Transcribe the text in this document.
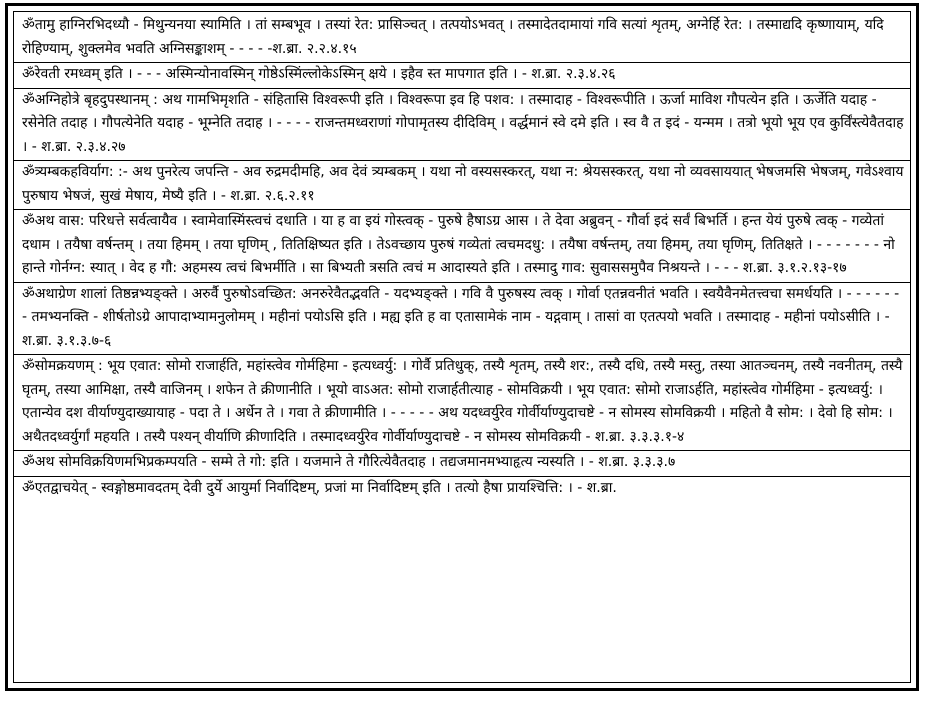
ॐतामु हाग्निरभिदध्यौ - मिथुन्यनया स्यामिति । तां सम्बभूव । तस्यां रेत: प्रासिञ्चत् । तत्पयोऽभवत् । तस्मादेतदामायां गवि सत्यां शृतम्, अग्नेर्हि रेत: । तस्माद्यदि कृष्णायाम्, यदि रोहिण्याम्, शुक्लमेव भवति अग्निसङ्काशम् - - - - -श.ब्रा. २.२.४.१५

ॐरेवती रमध्वम् इति । - - - अस्मिन्योनावस्मिन् गोष्ठेऽस्मिंल्लोकेऽस्मिन् क्षये । इहैव स्त मापगात इति । - श.ब्रा. २.३.४.२६

ॐअग्निहोत्रे बृहदुपस्थानम् : अथ गामभिमृशति - संहितासि विश्वरूपी इति । विश्वरूपा इव हि पशव: । तस्मादाह - विश्वरूपीति । ऊर्जा माविश गौपत्येन इति । ऊर्जेति यदाह - रसेनेति तदाह । गौपत्येनेति यदाह - भूम्नेति तदाह । - - - - राजन्तमध्वराणां गोपामृतस्य दीदिविम् । वर्द्धमानं स्वे दमे इति । स्व वै त इदं - यन्मम । तत्रो भूयो भूय एव कुर्विंस्त्येवैतदाह । - श.ब्रा. २.३.४.२७

ॐत्र्यम्बकहविर्याग: :- अथ पुनरेत्य जपन्ति - अव रुद्रमदीमहि, अव देवं त्र्यम्बकम् । यथा नो वस्यसस्करत्, यथा न: श्रेयसस्करत्, यथा नो व्यवसाययात् भेषजमसि भेषजम्, गवेऽश्वाय पुरुषाय भेषजं, सुखं मेषाय, मेष्यै इति । - श.ब्रा. २.६.२.११

ॐअथ वास: परिधत्ते सर्वत्वायैव । स्वामेवास्मिंस्त्वचं दधाति । या ह वा इयं गोस्त्वक् - पुरुषे हैषाऽग्र आस । ते देवा अब्रुवन् - गौर्वा इदं सर्वं बिभर्ति । हन्त येयं पुरुषे त्वक् - गव्येतां दधाम । तयैषा वर्षन्तम् । तया हिमम् । तया घृणिम् , तितिक्षिष्यत इति । तेऽवच्छाय पुरुषं गव्येतां त्वचमदधु: । तयैषा वर्षन्तम्, तया हिमम्, तया घृणिम्, तितिक्षते । - - - - - - - नो हान्ते गोर्नग्न: स्यात् । वेद ह गौ: अहमस्य त्वचं बिभर्मीति । सा बिभ्यती त्रसति त्वचं म आदास्यते इति । तस्मादु गाव: सुवाससमुपैव निश्रयन्ते । - - - श.ब्रा. ३.१.२.१३-१७

ॐअथाग्रेण शालां तिष्ठन्नभ्यङ्क्ते । अरुर्वै पुरुषोऽवच्छित: अनरुरेवैतद्भवति - यदभ्यङ्क्ते । गवि वै पुरुषस्य त्वक् । गोर्वा एतन्नवनीतं भवति । स्वयैवैनमेतत्त्वचा समर्धयति । - - - - - - - तमभ्यनक्ति - शीर्षतोऽग्रे आपादाभ्यामनुलोमम् । महीनां पयोऽसि इति । मह्य इति ह वा एतासामेकं नाम - यद्गवाम् । तासां वा एतत्पयो भवति । तस्मादाह - महीनां पयोऽसीति । - श.ब्रा. ३.१.३.७-६

ॐसोमक्रयणम् : भूय एवात: सोमो राजार्हति, महांस्त्वेव गोर्महिमा - इत्यध्वर्यु: । गोर्वै प्रतिधुक्, तस्यै शृतम्, तस्यै शर:, तस्यै दधि, तस्यै मस्तु, तस्या आतञ्चनम्, तस्यै नवनीतम्, तस्यै घृतम्, तस्या आमिक्षा, तस्यै वाजिनम् । शफेन ते क्रीणानीति । भूयो वाऽअत: सोमो राजार्हतीत्याह - सोमविक्रयी । भूय एवात: सोमो राजाऽर्हति, महांस्त्वेव गोर्महिमा - इत्यध्वर्यु: । एतान्येव दश वीर्याण्युदाख्यायाह - पदा ते । अर्धेन ते । गवा ते क्रीणामीति । - - - - - अथ यदध्वर्युरेव गोर्वीर्याण्युदाचष्टे - न सोमस्य सोमविक्रयी । महितो वै सोम: । देवो हि सोम: । अथैतदध्वर्युर्गां महयति । तस्यै पश्यन् वीर्याणि क्रीणादिति । तस्मादध्वर्युरेव गोर्वीर्याण्युदाचष्टे - न सोमस्य सोमविक्रयी - श.ब्रा. ३.३.३.१-४

ॐअथ सोमविक्रयिणमभिप्रकम्पयति - सम्मे ते गो: इति । यजमाने ते गौरित्येवैतदाह । तद्यजमानमभ्याहृत्य न्यस्यति । - श.ब्रा. ३.३.३.७

ॐएतद्वाचयेत् - स्वङ्गोष्ठमावदतम् देवी दुर्ये आयुर्मा निर्वादिष्टम्, प्रजां मा निर्वादिष्टम् इति । तत्यो हैषा प्रायश्चित्ति: । - श.ब्रा.
